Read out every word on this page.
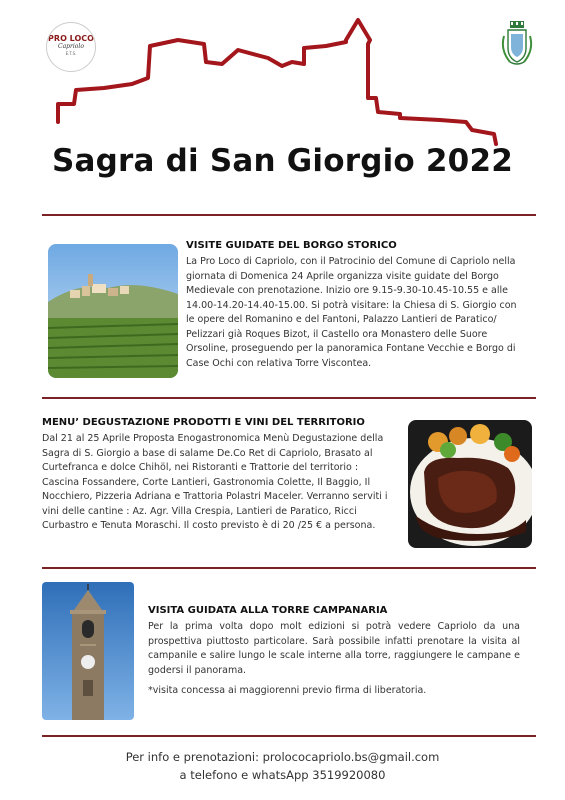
PRO LOCO
Capriolo
E.T.S.
Sagra di San Giorgio 2022
VISITE GUIDATE DEL BORGO STORICO
La Pro Loco di Capriolo, con il Patrocinio del Comune di Capriolo nella giornata di Domenica 24 Aprile organizza visite guidate del Borgo Medievale con prenotazione. Inizio ore 9.15-9.30-10.45-10.55 e alle 14.00-14.20-14.40-15.00. Si potrà visitare: la Chiesa di S. Giorgio con le opere del Romanino e del Fantoni, Palazzo Lantieri de Paratico/ Pelizzari già Roques Bizot, il Castello ora Monastero delle Suore Orsoline, proseguendo per la panoramica Fontane Vecchie e Borgo di Case Ochi con relativa Torre Viscontea.
MENU’ DEGUSTAZIONE PRODOTTI E VINI DEL TERRITORIO
Dal 21 al 25 Aprile Proposta Enogastronomica Menù Degustazione della Sagra di S. Giorgio a base di salame De.Co Ret di Capriolo, Brasato al Curtefranca e dolce Chihöl, nei Ristoranti e Trattorie del territorio : Cascina Fossandere, Corte Lantieri, Gastronomia Colette, Il Baggio, Il Nocchiero, Pizzeria Adriana e Trattoria Polastri Maceler. Verranno serviti i vini delle cantine : Az. Agr. Villa Crespia, Lantieri de Paratico, Ricci Curbastro e Tenuta Moraschi. Il costo previsto è di 20 /25 € a persona.
VISITA GUIDATA ALLA TORRE CAMPANARIA
Per la prima volta dopo molt edizioni si potrà vedere Capriolo da una prospettiva piuttosto particolare. Sarà possibile infatti prenotare la visita al campanile e salire lungo le scale interne alla torre, raggiungere le campane e godersi il panorama.
*visita concessa ai maggiorenni previo firma di liberatoria.
Per info e prenotazioni: prolococapriolo.bs@gmail.com
a telefono e whatsApp 3519920080
